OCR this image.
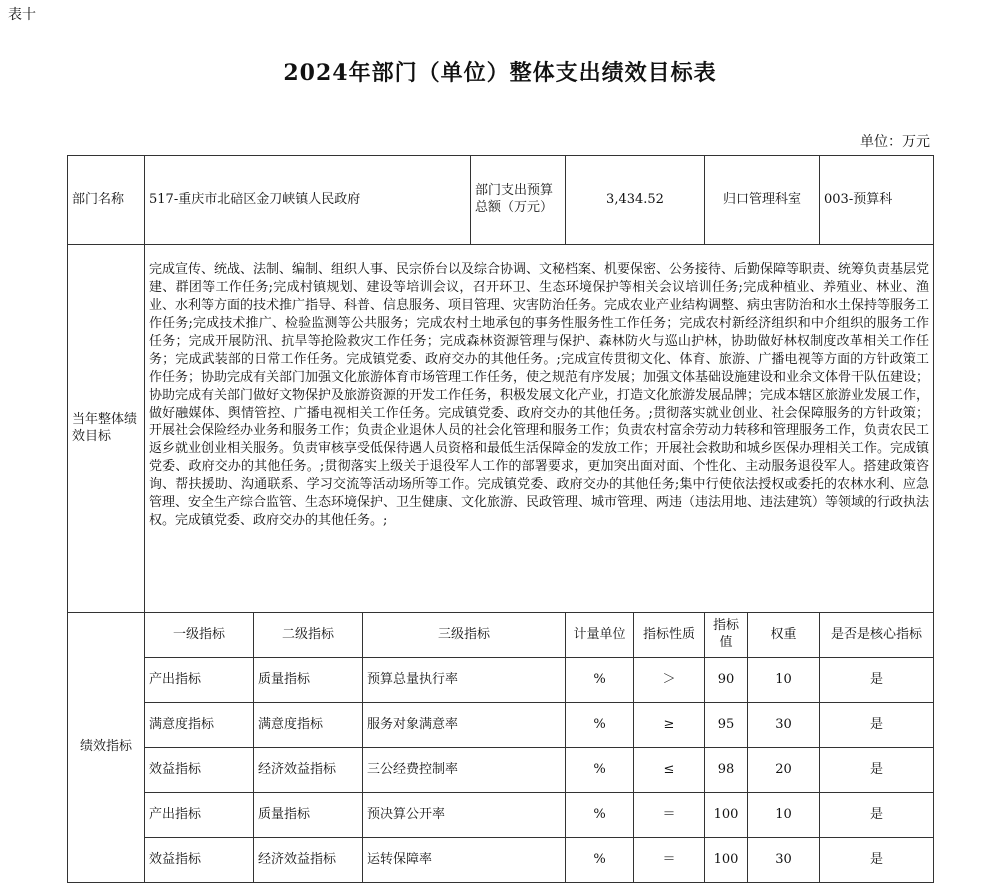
表十
2024年部门（单位）整体支出绩效目标表
单位：万元
部门名称	517-重庆市北碚区金刀峡镇人民政府			部门支出预算总额（万元）	3,434.52		归口管理科室		003-预算科
当年整体绩效目标	完成宣传、统战、法制、编制、组织人事、民宗侨台以及综合协调、文秘档案、机要保密、公务接待、后勤保障等职责、统筹负责基层党建、群团等工作任务;完成村镇规划、建设等培训会议，召开环卫、生态环境保护等相关会议培训任务;完成种植业、养殖业、林业、渔业、水利等方面的技术推广指导、科普、信息服务、项目管理、灾害防治任务。完成农业产业结构调整、病虫害防治和水土保持等服务工作任务;完成技术推广、检验监测等公共服务；完成农村土地承包的事务性服务性工作任务；完成农村新经济组织和中介组织的服务工作任务；完成开展防汛、抗旱等抢险救灾工作任务；完成森林资源管理与保护、森林防火与巡山护林，协助做好林权制度改革相关工作任务；完成武装部的日常工作任务。完成镇党委、政府交办的其他任务。;完成宣传贯彻文化、体育、旅游、广播电视等方面的方针政策工作任务；协助完成有关部门加强文化旅游体育市场管理工作任务，使之规范有序发展；加强文体基础设施建设和业余文体骨干队伍建设；协助完成有关部门做好文物保护及旅游资源的开发工作任务，积极发展文化产业，打造文化旅游发展品牌；完成本辖区旅游业发展工作，做好融媒体、舆情管控、广播电视相关工作任务。完成镇党委、政府交办的其他任务。;贯彻落实就业创业、社会保障服务的方针政策；开展社会保险经办业务和服务工作；负责企业退休人员的社会化管理和服务工作；负责农村富余劳动力转移和管理服务工作，负责农民工返乡就业创业相关服务。负责审核享受低保待遇人员资格和最低生活保障金的发放工作；开展社会救助和城乡医保办理相关工作。完成镇党委、政府交办的其他任务。;贯彻落实上级关于退役军人工作的部署要求，更加突出面对面、个性化、主动服务退役军人。搭建政策咨询、帮扶援助、沟通联系、学习交流等活动场所等工作。完成镇党委、政府交办的其他任务;集中行使依法授权或委托的农林水利、应急管理、安全生产综合监管、生态环境保护、卫生健康、文化旅游、民政管理、城市管理、两违（违法用地、违法建筑）等领域的行政执法权。完成镇党委、政府交办的其他任务。;								
绩效指标	一级指标	二级指标	三级指标		计量单位	指标性质	指标值	权重	是否是核心指标
	产出指标	质量指标	预算总量执行率		%	＞	90	10	是
	满意度指标	满意度指标	服务对象满意率		%	≥	95	30	是
	效益指标	经济效益指标	三公经费控制率		%	≤	98	20	是
	产出指标	质量指标	预决算公开率		%	＝	100	10	是
	效益指标	经济效益指标	运转保障率		%	＝	100	30	是
